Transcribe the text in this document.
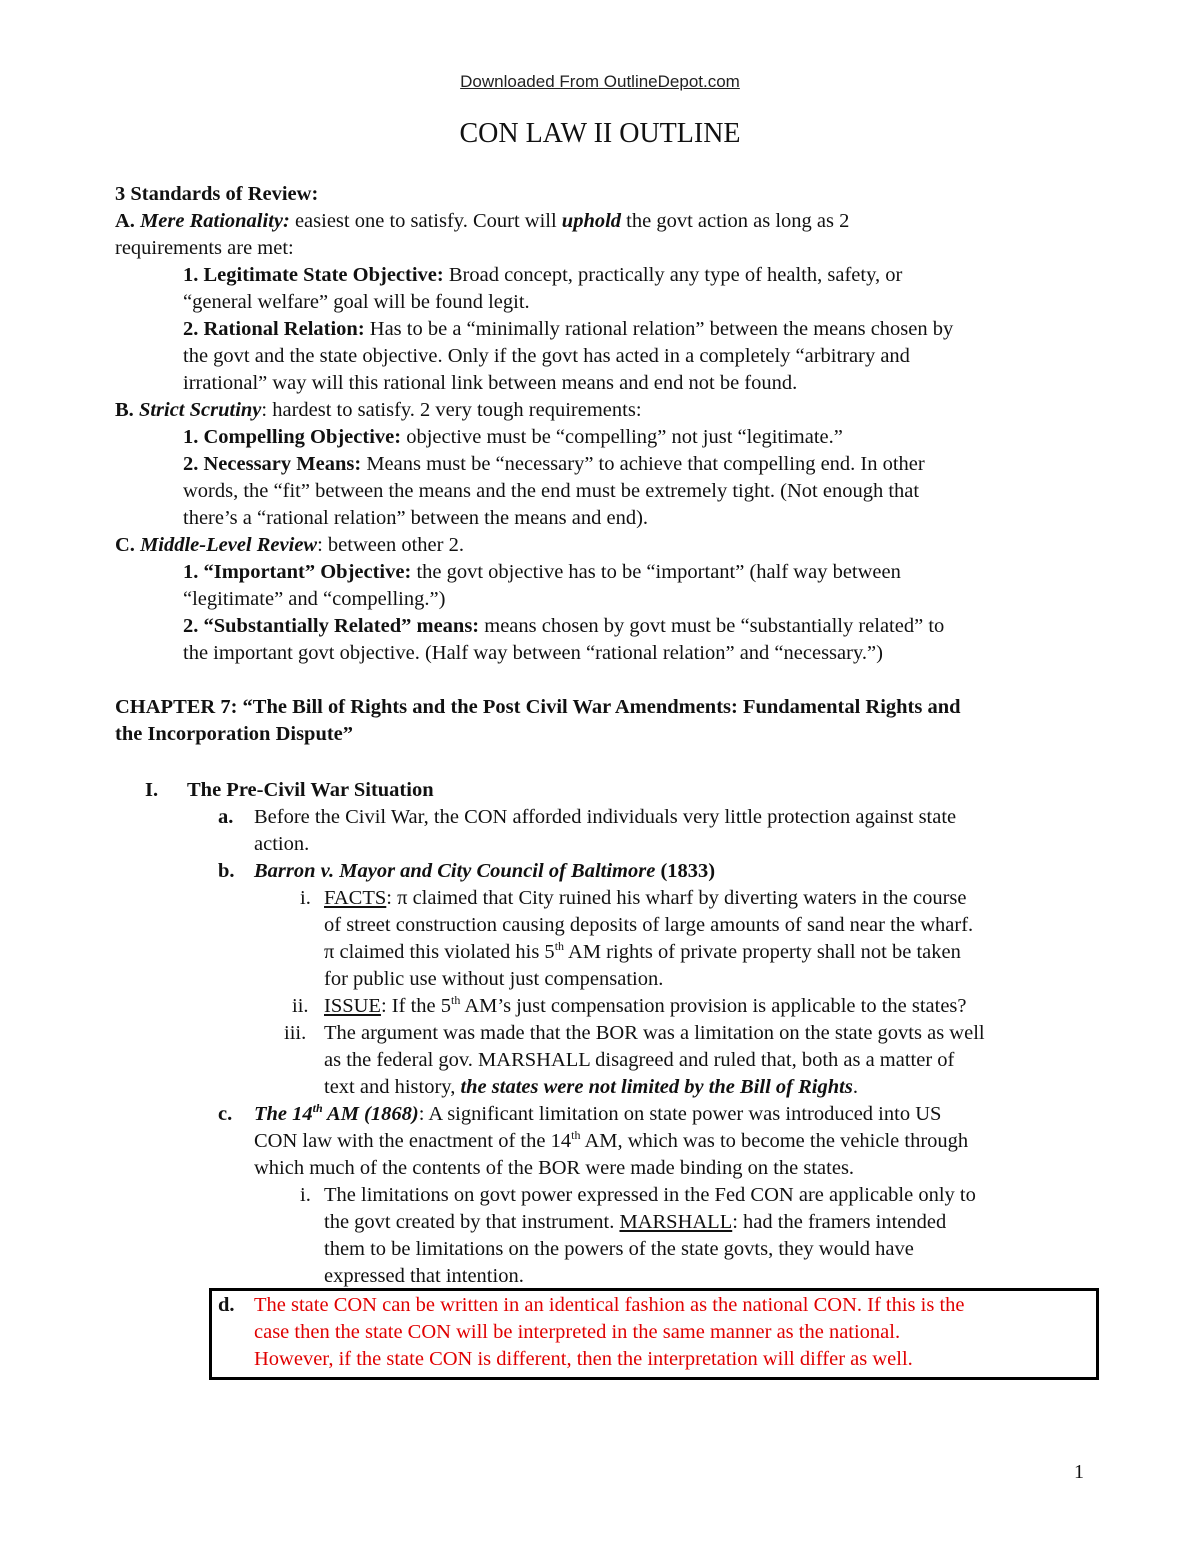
Downloaded From OutlineDepot.com
CON LAW II OUTLINE
3 Standards of Review:
A. Mere Rationality: easiest one to satisfy. Court will uphold the govt action as long as 2
requirements are met:
1. Legitimate State Objective: Broad concept, practically any type of health, safety, or
“general welfare” goal will be found legit.
2. Rational Relation: Has to be a “minimally rational relation” between the means chosen by
the govt and the state objective. Only if the govt has acted in a completely “arbitrary and
irrational” way will this rational link between means and end not be found.
B. Strict Scrutiny: hardest to satisfy. 2 very tough requirements:
1. Compelling Objective: objective must be “compelling” not just “legitimate.”
2. Necessary Means: Means must be “necessary” to achieve that compelling end. In other
words, the “fit” between the means and the end must be extremely tight. (Not enough that
there’s a “rational relation” between the means and end).
C. Middle-Level Review: between other 2.
1. “Important” Objective: the govt objective has to be “important” (half way between
“legitimate” and “compelling.”)
2. “Substantially Related” means: means chosen by govt must be “substantially related” to
the important govt objective. (Half way between “rational relation” and “necessary.”)
CHAPTER 7: “The Bill of Rights and the Post Civil War Amendments: Fundamental Rights and
the Incorporation Dispute”
I. The Pre-Civil War Situation
a. Before the Civil War, the CON afforded individuals very little protection against state
action.
b. Barron v. Mayor and City Council of Baltimore (1833)
i. FACTS: π claimed that City ruined his wharf by diverting waters in the course
of street construction causing deposits of large amounts of sand near the wharf.
π claimed this violated his 5th AM rights of private property shall not be taken
for public use without just compensation.
ii. ISSUE: If the 5th AM’s just compensation provision is applicable to the states?
iii. The argument was made that the BOR was a limitation on the state govts as well
as the federal gov. MARSHALL disagreed and ruled that, both as a matter of
text and history, the states were not limited by the Bill of Rights.
c. The 14th AM (1868): A significant limitation on state power was introduced into US
CON law with the enactment of the 14th AM, which was to become the vehicle through
which much of the contents of the BOR were made binding on the states.
i. The limitations on govt power expressed in the Fed CON are applicable only to
the govt created by that instrument. MARSHALL: had the framers intended
them to be limitations on the powers of the state govts, they would have
expressed that intention.
d. The state CON can be written in an identical fashion as the national CON. If this is the
case then the state CON will be interpreted in the same manner as the national.
However, if the state CON is different, then the interpretation will differ as well.
1
